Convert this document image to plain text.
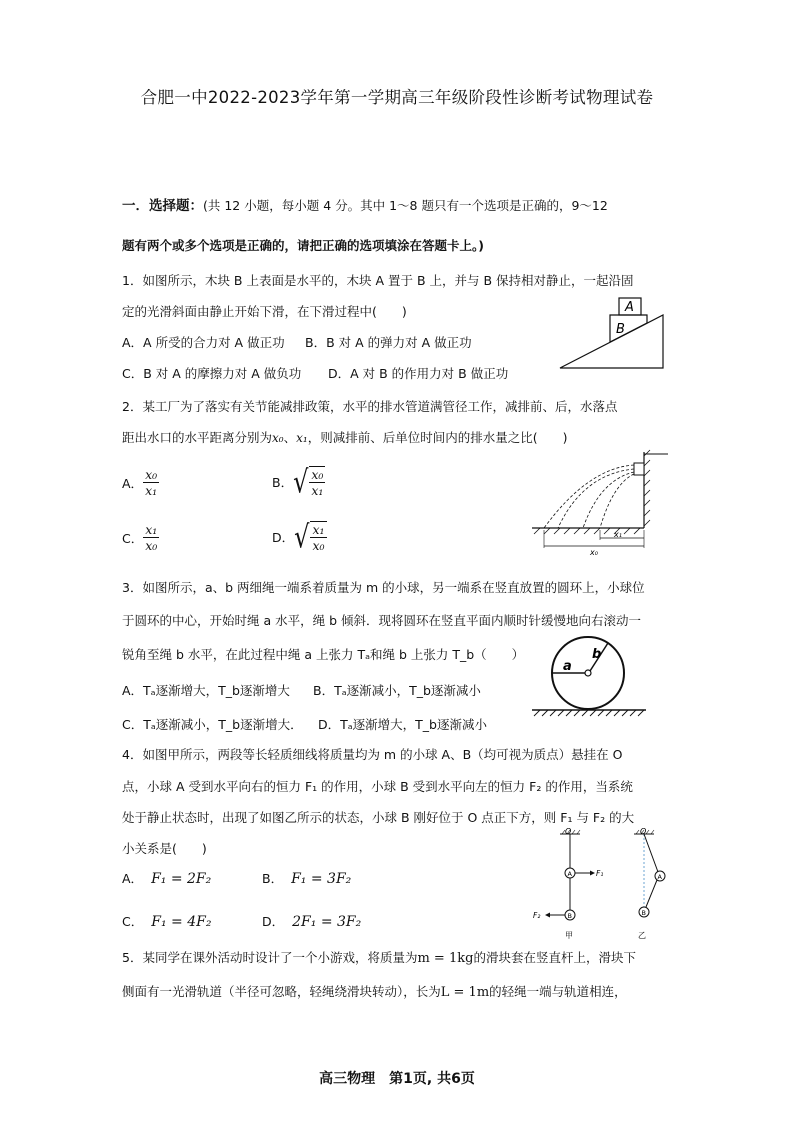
合肥一中2022-2023学年第一学期高三年级阶段性诊断考试物理试卷
一．选择题：(共 12 小题，每小题 4 分。其中 1～8 题只有一个选项是正确的，9～12
题有两个或多个选项是正确的，请把正确的选项填涂在答题卡上。)
1．如图所示，木块 B 上表面是水平的，木块 A 置于 B 上，并与 B 保持相对静止，一起沿固
定的光滑斜面由静止开始下滑，在下滑过程中(　　)
A．A 所受的合力对 A 做正功 B．B 对 A 的弹力对 A 做正功
C．B 对 A 的摩擦力对 A 做负功 D．A 对 B 的作用力对 B 做正功
A
B
2．某工厂为了落实有关节能减排政策，水平的排水管道满管径工作，减排前、后，水落点
距出水口的水平距离分别为x₀、x₁，则减排前、后单位时间内的排水量之比(　　)
A． $\frac{\text{x₀}}{\text{x₁}}$	B． √ $\frac{\text{x₀}}{\text{x₁}}$
C． $\frac{\text{x₁}}{\text{x₀}}$	D． √ $\frac{\text{x₁}}{\text{x₀}}$	x₁
x₀
3．如图所示，a、b 两细绳一端系着质量为 m 的小球，另一端系在竖直放置的圆环上，小球位
于圆环的中心，开始时绳 a 水平，绳 b 倾斜．现将圆环在竖直平面内顺时针缓慢地向右滚动一
锐角至绳 b 水平，在此过程中绳 a 上张力 Tₐ和绳 b 上张力 T_b（　　）
A．Tₐ逐渐增大，T_b逐渐增大 B．Tₐ逐渐减小，T_b逐渐减小
C．Tₐ逐渐减小，T_b逐渐增大． D．Tₐ逐渐增大，T_b逐渐减小
a
b
4．如图甲所示，两段等长轻质细线将质量均为 m 的小球 A、B（均可视为质点）悬挂在 O
点，小球 A 受到水平向右的恒力 F₁ 的作用，小球 B 受到水平向左的恒力 F₂ 的作用，当系统
处于静止状态时，出现了如图乙所示的状态，小球 B 刚好位于 O 点正下方，则 F₁ 与 F₂ 的大
小关系是(　　)
A． F₁ = 2F₂	B． F₁ = 3F₂
C． F₁ = 4F₂	D． 2F₁ = 3F₂
O
A
B
F₁
F₂
甲
O
A
B
乙
5．某同学在课外活动时设计了一个小游戏，将质量为m = 1kg的滑块套在竖直杆上，滑块下
侧面有一光滑轨道（半径可忽略，轻绳绕滑块转动），长为L = 1m的轻绳一端与轨道相连，
高三物理　第1页, 共6页
